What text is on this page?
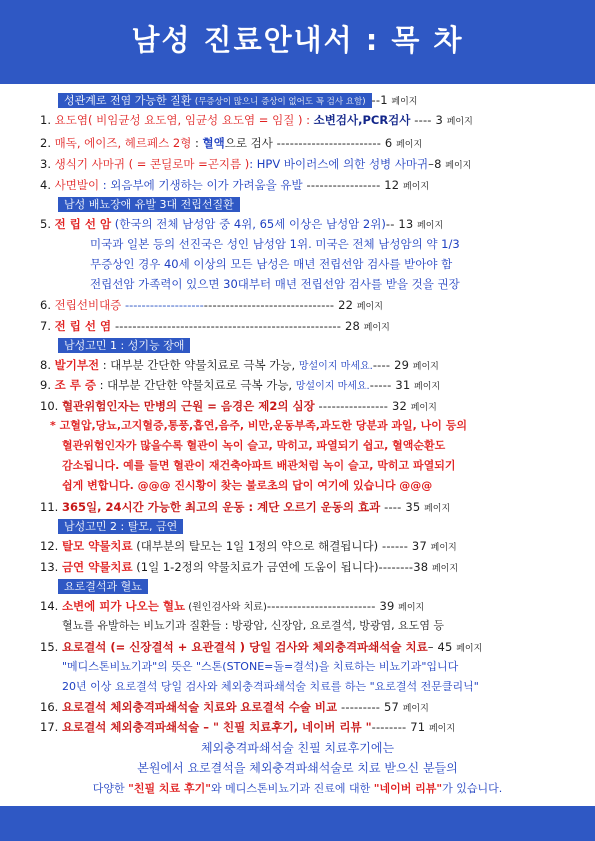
남성 진료안내서 : 목 차
성관계로 전염 가능한 질환 (무증상이 많으니 증상이 없어도 꼭 검사 요함) --1 페이지
1. 요도염( 비임균성 요도염, 임균성 요도염 = 임질 ) : 소변검사,PCR검사 ---- 3 페이지
2. 매독, 에이즈, 헤르페스 2형 : 혈액으로 검사 ------------------------ 6 페이지
3. 생식기 사마귀 ( = 콘딜로마 =곤지름 ): HPV 바이러스에 의한 성병 사마귀–8 페이지
4. 사면발이 : 외음부에 기생하는 이가 가려움을 유발 ----------------- 12 페이지
남성 배뇨장애 유발 3대 전립선질환
5. 전 립 선 암 (한국의 전체 남성암 중 4위, 65세 이상은 남성암 2위)-- 13 페이지
미국과 일본 등의 선진국은 성인 남성암 1위. 미국은 전체 남성암의 약 1/3
무증상인 경우 40세 이상의 모든 남성은 매년 전립선암 검사를 받아야 함
전립선암 가족력이 있으면 30대부터 매년 전립선암 검사를 받을 것을 권장
6. 전립선비대증 ------------------------------------------------- 22 페이지
7. 전 립 선 염 ---------------------------------------------------- 28 페이지
남성고민 1 : 성기능 장애
8. 발기부전 : 대부분 간단한 약물치료로 극복 가능, 망설이지 마세요.---- 29 페이지
9. 조 루 증 : 대부분 간단한 약물치료로 극복 가능, 망설이지 마세요.----- 31 페이지
10. 혈관위험인자는 만병의 근원 = 음경은 제2의 심장 ---------------- 32 페이지
* 고혈압,당뇨,고지혈증,통풍,흡연,음주, 비만,운동부족,과도한 당분과 과일, 나이 등의
혈관위험인자가 많을수록 혈관이 녹이 슬고, 막히고, 파열되기 쉽고, 혈액순환도
감소됩니다. 예를 들면 혈관이 재건축아파트 배관처럼 녹이 슬고, 막히고 파열되기
쉽게 변합니다. @@@ 진시황이 찾는 불로초의 답이 여기에 있습니다 @@@
11. 365일, 24시간 가능한 최고의 운동 : 계단 오르기 운동의 효과 ---- 35 페이지
남성고민 2 : 탈모, 금연
12. 탈모 약물치료 (대부분의 탈모는 1일 1정의 약으로 해결됩니다) ------ 37 페이지
13. 금연 약물치료 (1일 1-2정의 약물치료가 금연에 도움이 됩니다)--------38 페이지
요로결석과 혈뇨
14. 소변에 피가 나오는 혈뇨 (원인검사와 치료)------------------------- 39 페이지
혈뇨를 유발하는 비뇨기과 질환들 : 방광암, 신장암, 요로결석, 방광염, 요도염 등
15. 요로결석 (= 신장결석 + 요관결석 ) 당일 검사와 체외충격파쇄석술 치료– 45 페이지
"메디스톤비뇨기과"의 뜻은 "스톤(STONE=돌=결석)을 치료하는 비뇨기과"입니다
20년 이상 요로결석 당일 검사와 체외충격파쇄석술 치료를 하는 "요로결석 전문클리닉"
16. 요로결석 체외충격파쇄석술 치료와 요로결석 수술 비교 --------- 57 페이지
17. 요로결석 체외충격파쇄석술 – " 친필 치료후기, 네이버 리뷰 "-------- 71 페이지
체외충격파쇄석술 친필 치료후기에는
본원에서 요로결석을 체외충격파쇄석술로 치료 받으신 분들의
다양한 "친필 치료 후기"와 메디스톤비뇨기과 진료에 대한 "네이버 리뷰"가 있습니다.
